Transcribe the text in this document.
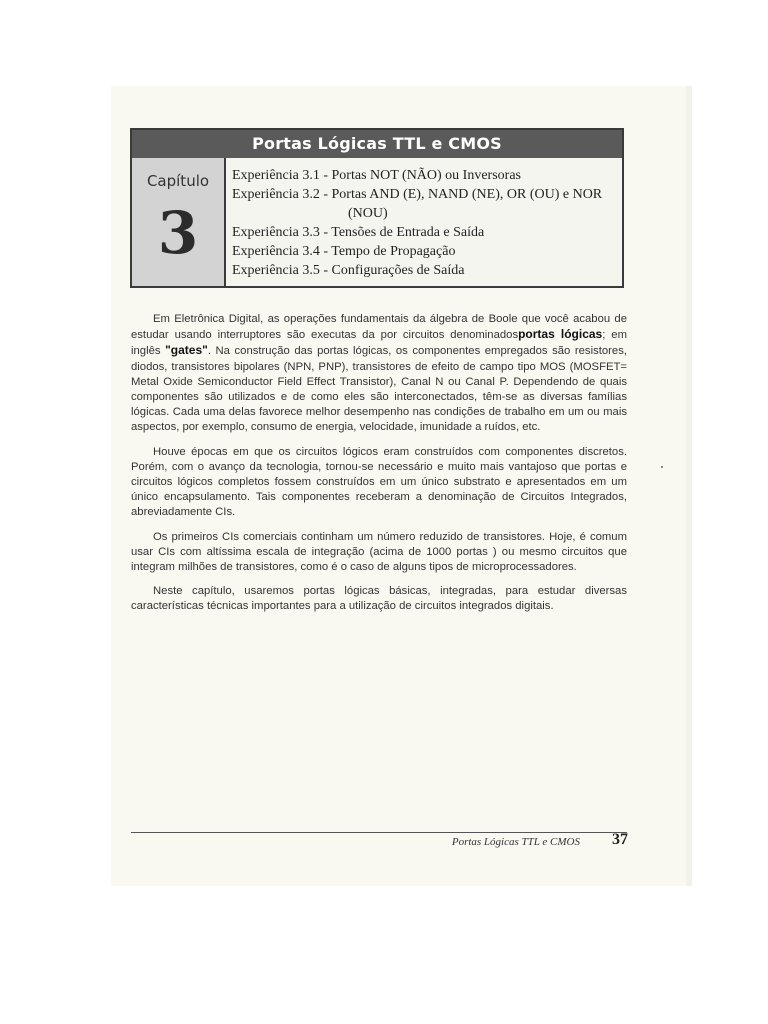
Portas Lógicas TTL e CMOS
Capítulo
3
Experiência 3.1 - Portas NOT (NÃO) ou Inversoras
Experiência 3.2 - Portas AND (E), NAND (NE), OR (OU) e NOR
(NOU)
Experiência 3.3 - Tensões de Entrada e Saída
Experiência 3.4 - Tempo de Propagação
Experiência 3.5 - Configurações de Saída

Em Eletrônica Digital, as operações fundamentais da álgebra de Boole que você acabou de estudar usando interruptores são executas da por circuitos denominadosportas lógicas; em inglês "gates". Na construção das portas lógicas, os componentes empregados são resistores, diodos, transistores bipolares (NPN, PNP), transistores de efeito de campo tipo MOS (MOSFET= Metal Oxide Semiconductor Field Effect Transistor), Canal N ou Canal P. Dependendo de quais componentes são utilizados e de como eles são interconectados, têm-se as diversas famílias lógicas. Cada uma delas favorece melhor desempenho nas condições de trabalho em um ou mais aspectos, por exemplo, consumo de energia, velocidade, imunidade a ruídos, etc.

Houve épocas em que os circuitos lógicos eram construídos com componentes discretos. Porém, com o avanço da tecnologia, tornou-se necessário e muito mais vantajoso que portas e circuitos lógicos completos fossem construídos em um único substrato e apresentados em um único encapsulamento. Tais componentes receberam a denominação de Circuitos Integrados, abreviadamente CIs.

Os primeiros CIs comerciais continham um número reduzido de transistores. Hoje, é comum usar CIs com altíssima escala de integração (acima de 1000 portas ) ou mesmo circuitos que integram milhões de transistores, como é o caso de alguns tipos de microprocessadores.

Neste capítulo, usaremos portas lógicas básicas, integradas, para estudar diversas características técnicas importantes para a utilização de circuitos integrados digitais.

Portas Lógicas TTL e CMOS	37
